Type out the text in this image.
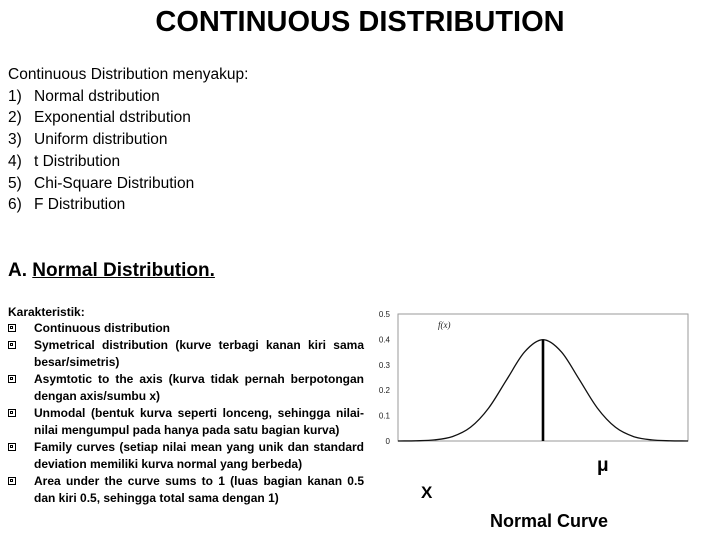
CONTINUOUS DISTRIBUTION
Continuous Distribution menyakup:
1) Normal dstribution
2) Exponential dstribution
3) Uniform distribution
4) t Distribution
5) Chi-Square Distribution
6) F Distribution
A. Normal Distribution.
Karakteristik:
Continuous distribution
Symetrical distribution (kurve terbagi kanan kiri sama besar/simetris)
Asymtotic to the axis (kurva tidak pernah berpotongan dengan axis/sumbu x)
Unmodal (bentuk kurva seperti lonceng, sehingga nilai-nilai mengumpul pada hanya pada satu bagian kurva)
Family curves (setiap nilai mean yang unik dan standard deviation memiliki kurva normal yang berbeda)
Area under the curve sums to 1 (luas bagian kanan 0.5 dan kiri 0.5, sehingga total sama dengan 1)
0
0.1
0.2
0.3
0.4
0.5
f(x)
μ
X
Normal Curve
